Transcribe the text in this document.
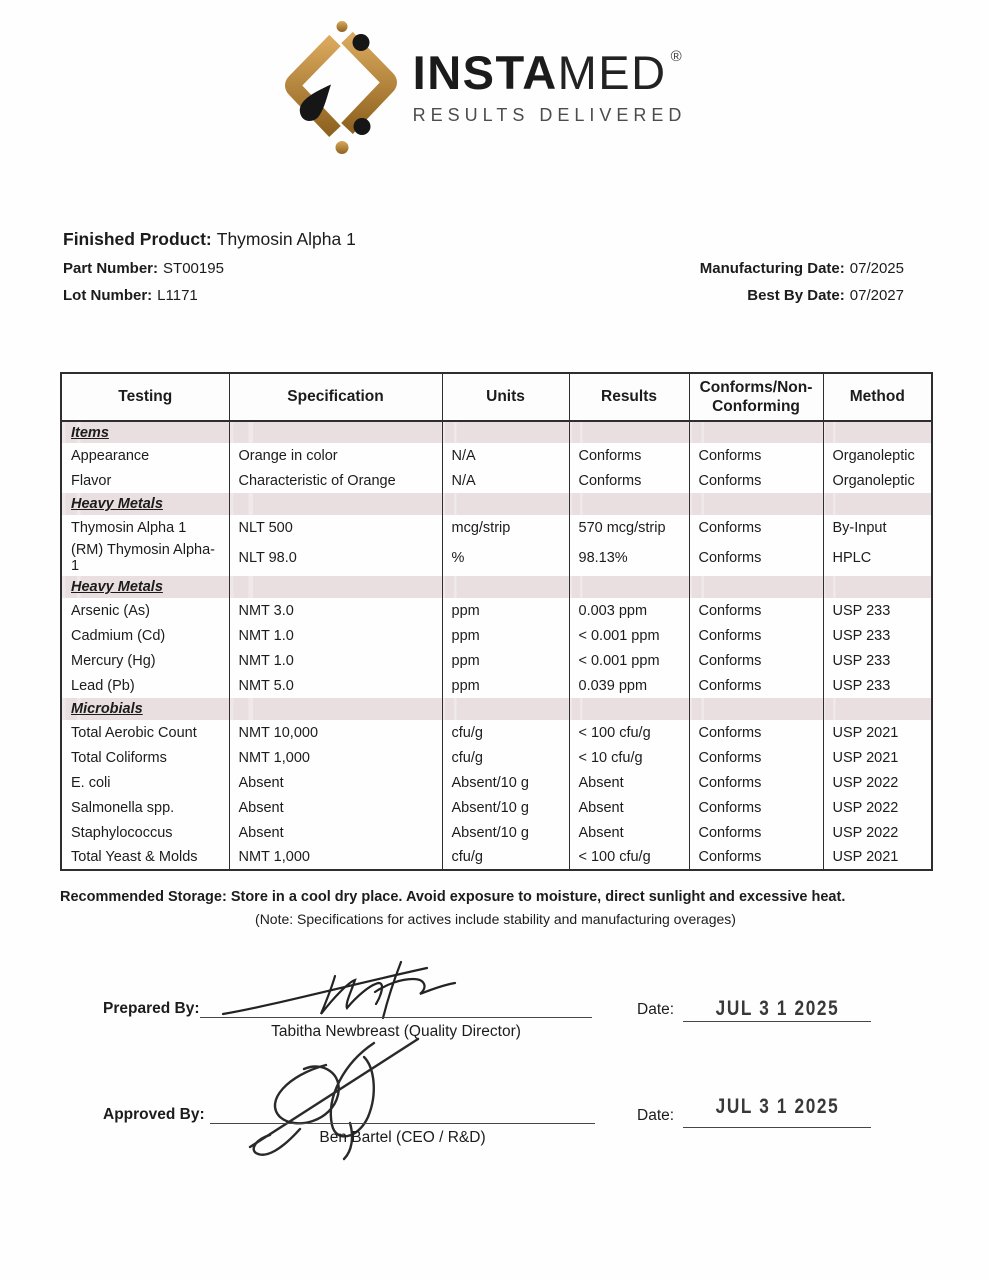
INSTAMED ®
RESULTS DELIVERED
Finished Product: Thymosin Alpha 1
Part Number: ST00195
Lot Number: L1171
Manufacturing Date: 07/2025
Best By Date: 07/2027
Testing	Specification	Units	Results	Conforms/Non-Conforming	Method
Items					
Appearance	Orange in color	N/A	Conforms	Conforms	Organoleptic
Flavor	Characteristic of Orange	N/A	Conforms	Conforms	Organoleptic
Heavy Metals					
Thymosin Alpha 1	NLT 500	mcg/strip	570 mcg/strip	Conforms	By-Input
(RM) Thymosin Alpha-1	NLT 98.0	%	98.13%	Conforms	HPLC
Heavy Metals					
Arsenic (As)	NMT 3.0	ppm	0.003 ppm	Conforms	USP 233
Cadmium (Cd)	NMT 1.0	ppm	< 0.001 ppm	Conforms	USP 233
Mercury (Hg)	NMT 1.0	ppm	< 0.001 ppm	Conforms	USP 233
Lead (Pb)	NMT 5.0	ppm	0.039 ppm	Conforms	USP 233
Microbials					
Total Aerobic Count	NMT 10,000	cfu/g	< 100 cfu/g	Conforms	USP 2021
Total Coliforms	NMT 1,000	cfu/g	< 10 cfu/g	Conforms	USP 2021
E. coli	Absent	Absent/10 g	Absent	Conforms	USP 2022
Salmonella spp.	Absent	Absent/10 g	Absent	Conforms	USP 2022
Staphylococcus	Absent	Absent/10 g	Absent	Conforms	USP 2022
Total Yeast & Molds	NMT 1,000	cfu/g	< 100 cfu/g	Conforms	USP 2021
Recommended Storage: Store in a cool dry place. Avoid exposure to moisture, direct sunlight and excessive heat.
(Note: Specifications for actives include stability and manufacturing overages)
Prepared By:
Tabitha Newbreast (Quality Director)
Date:	JUL 3 1 2025
Approved By:
Ben Bartel (CEO / R&D)
Date:	JUL 3 1 2025
